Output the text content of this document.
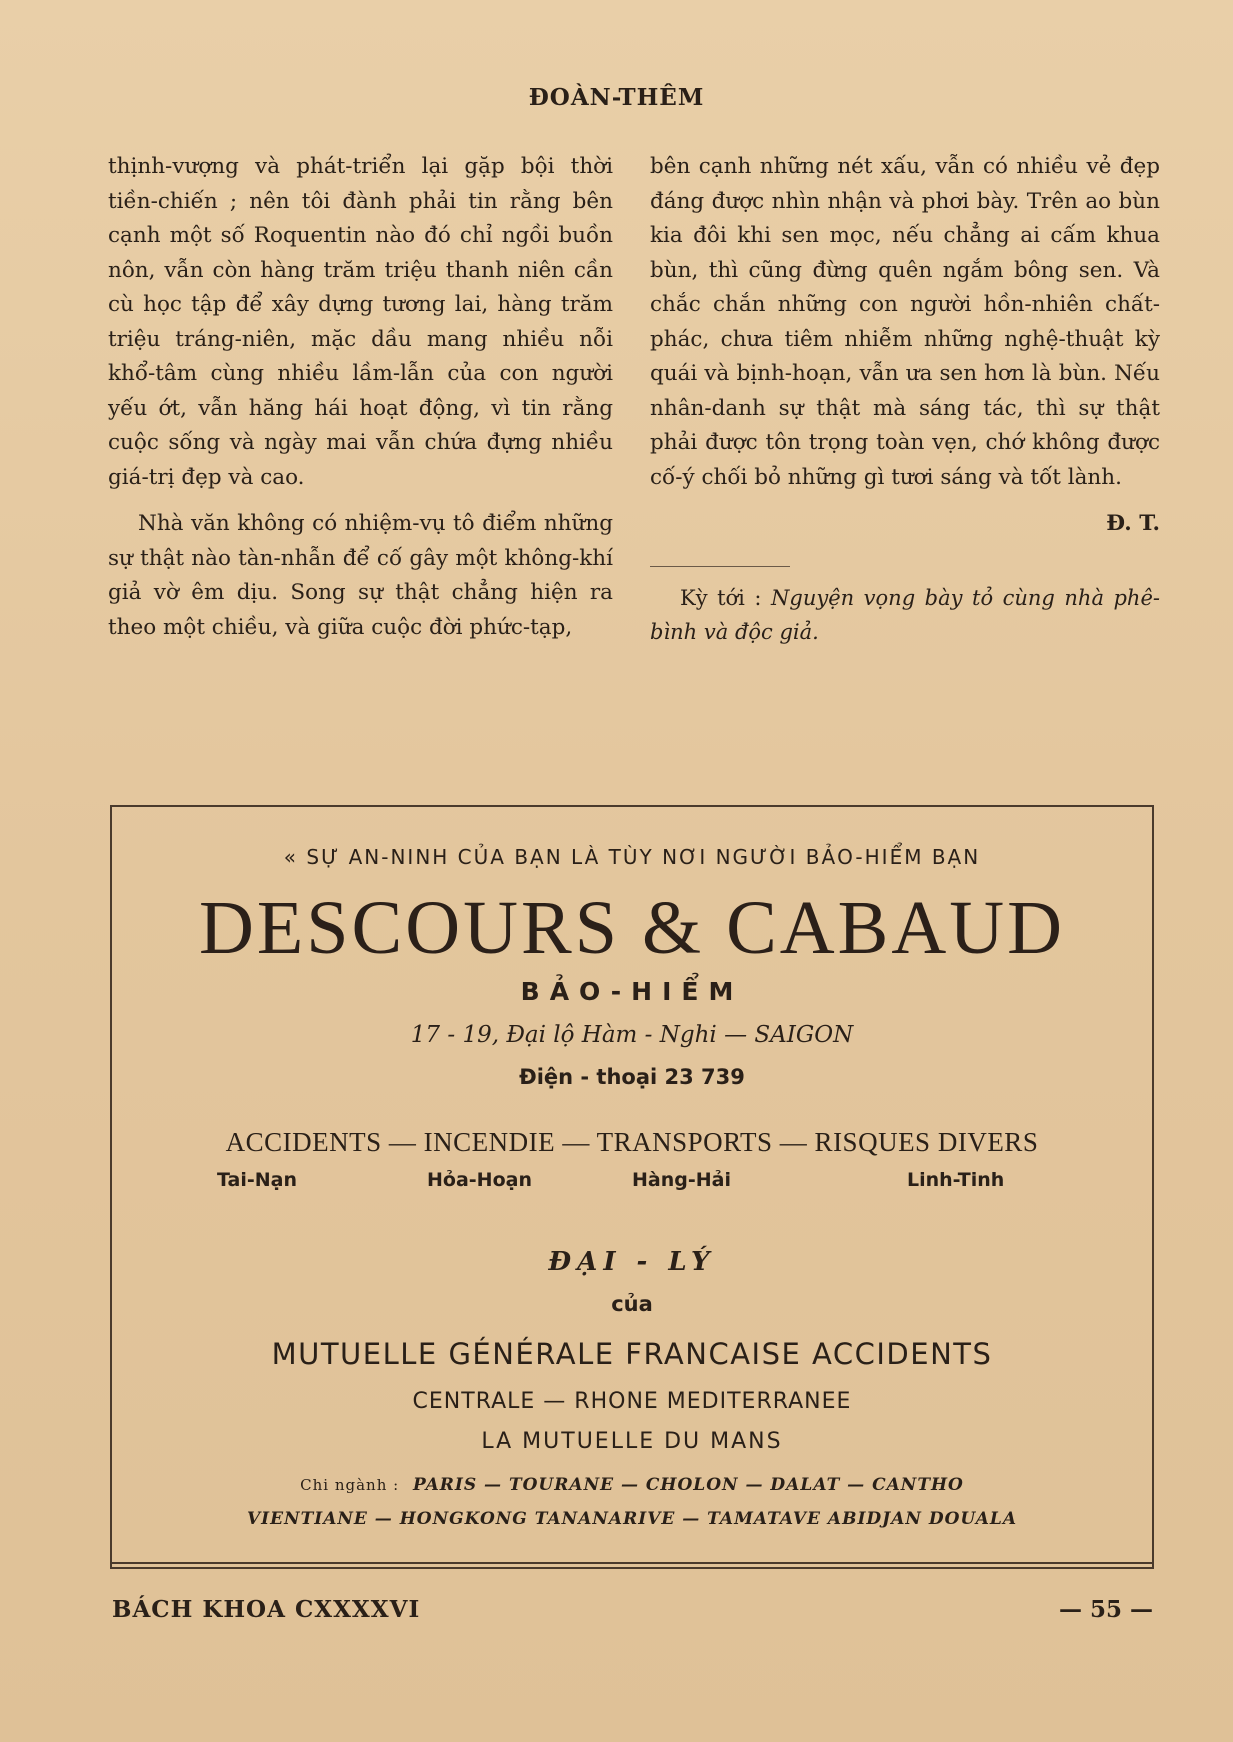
ĐOÀN-THÊM

thịnh-vượng và phát-triển lại gặp bội thời tiền-chiến ; nên tôi đành phải tin rằng bên cạnh một số Roquentin nào đó chỉ ngồi buồn nôn, vẫn còn hàng trăm triệu thanh niên cần cù học tập để xây dựng tương lai, hàng trăm triệu tráng-niên, mặc dầu mang nhiều nỗi khổ-tâm cùng nhiều lầm-lẫn của con người yếu ớt, vẫn hăng hái hoạt động, vì tin rằng cuộc sống và ngày mai vẫn chứa đựng nhiều giá-trị đẹp và cao.

Nhà văn không có nhiệm-vụ tô điểm những sự thật nào tàn-nhẫn để cố gây một không-khí giả vờ êm dịu. Song sự thật chẳng hiện ra theo một chiều, và giữa cuộc đời phức-tạp,

bên cạnh những nét xấu, vẫn có nhiều vẻ đẹp đáng được nhìn nhận và phơi bày. Trên ao bùn kia đôi khi sen mọc, nếu chẳng ai cấm khua bùn, thì cũng đừng quên ngắm bông sen. Và chắc chắn những con người hồn-nhiên chất-phác, chưa tiêm nhiễm những nghệ-thuật kỳ quái và bịnh-hoạn, vẫn ưa sen hơn là bùn. Nếu nhân-danh sự thật mà sáng tác, thì sự thật phải được tôn trọng toàn vẹn, chớ không được cố-ý chối bỏ những gì tươi sáng và tốt lành.

Đ. T.
Kỳ tới : Nguyện vọng bày tỏ cùng nhà phê-bình và độc giả.
« SỰ AN-NINH CỦA BẠN LÀ TÙY NƠI NGƯỜI BẢO-HIỂM BẠN
DESCOURS & CABAUD
BẢO-HIỂM
17 - 19, Đại lộ Hàm - Nghi — SAIGON
Điện - thoại 23 739
ACCIDENTS — INCENDIE — TRANSPORTS — RISQUES DIVERS
Tai-Nạn	Hỏa-Hoạn	Hàng-Hải	Linh-Tinh
ĐẠI - LÝ
của
MUTUELLE GÉNÉRALE FRANCAISE ACCIDENTS
CENTRALE — RHONE MEDITERRANEE
LA MUTUELLE DU MANS
Chi ngành : PARIS — TOURANE — CHOLON — DALAT — CANTHO
VIENTIANE — HONGKONG TANANARIVE — TAMATAVE ABIDJAN DOUALA
BÁCH KHOA CXXXXVI	— 55 —
